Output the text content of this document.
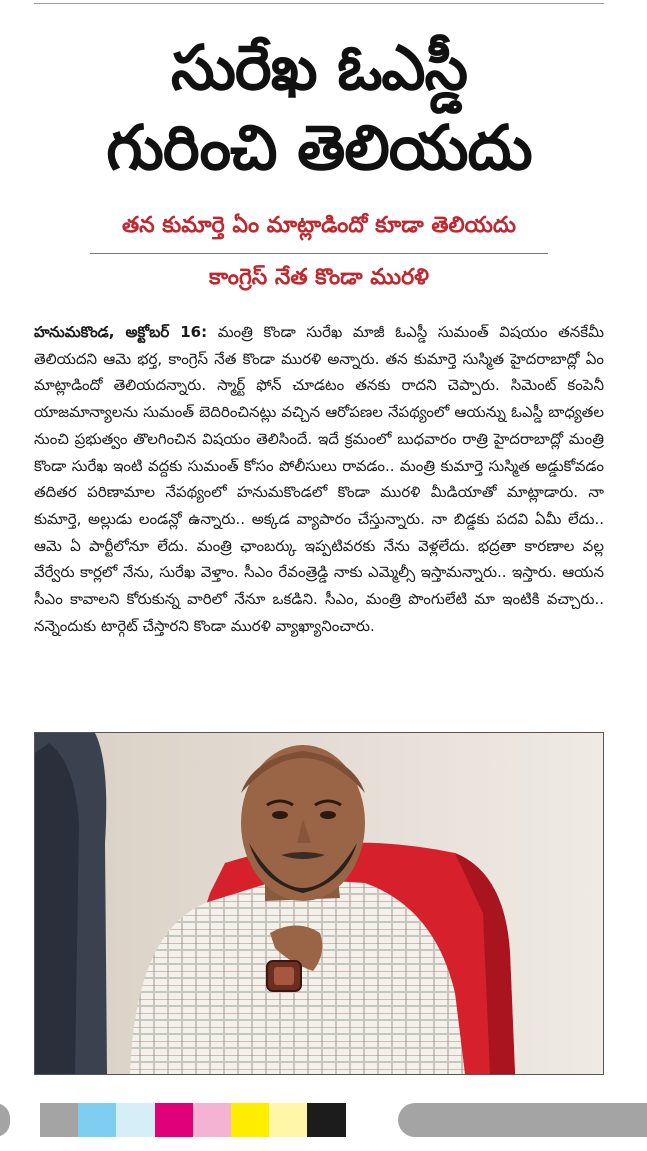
సురేఖ ఓఎస్డీ
గురించి తెలియదు
తన కుమార్తె ఏం మాట్లాడిందో కూడా తెలియదు
కాంగ్రెస్ నేత కొండా మురళి

హనుమకొండ, అక్టోబర్ 16: మంత్రి కొండా సురేఖ మాజీ ఓఎస్డీ సుమంత్ విషయం తనకేమీ తెలియదని ఆమె భర్త, కాంగ్రెస్ నేత కొండా మురళి అన్నారు. తన కుమార్తె సుస్మిత హైదరాబాద్లో ఏం మాట్లాడిందో తెలియదన్నారు. స్మార్ట్ ఫోన్ చూడటం తనకు రాదని చెప్పారు. సిమెంట్ కంపెనీ యాజమాన్యాలను సుమంత్ బెదిరించినట్లు వచ్చిన ఆరోపణల నేపథ్యంలో ఆయన్ను ఓఎస్డీ బాధ్యతల నుంచి ప్రభుత్వం తొలగించిన విషయం తెలిసిందే. ఇదే క్రమంలో బుధవారం రాత్రి హైదరాబాద్లో మంత్రి కొండా సురేఖ ఇంటి వద్దకు సుమంత్ కోసం పోలీసులు రావడం.. మంత్రి కుమార్తె సుస్మిత అడ్డుకోవడం తదితర పరిణామాల నేపథ్యంలో హనుమకొండలో కొండా మురళి మీడియాతో మాట్లాడారు. నా కుమార్తె, అల్లుడు లండన్లో ఉన్నారు.. అక్కడ వ్యాపారం చేస్తున్నారు. నా బిడ్డకు పదవి ఏమీ లేదు.. ఆమె ఏ పార్టీలోనూ లేదు. మంత్రి ఛాంబర్కు ఇప్పటివరకు నేను వెళ్లలేదు. భద్రతా కారణాల వల్ల వేర్వేరు కార్లలో నేను, సురేఖ వెళ్తాం. సీఎం రేవంత్రెడ్డి నాకు ఎమ్మెల్సీ ఇస్తామన్నారు.. ఇస్తారు. ఆయన సీఎం కావాలని కోరుకున్న వారిలో నేనూ ఒకడిని. సీఎం, మంత్రి పొంగులేటి మా ఇంటికి వచ్చారు.. నన్నెందుకు టార్గెట్ చేస్తారని కొండా మురళి వ్యాఖ్యానించారు.
